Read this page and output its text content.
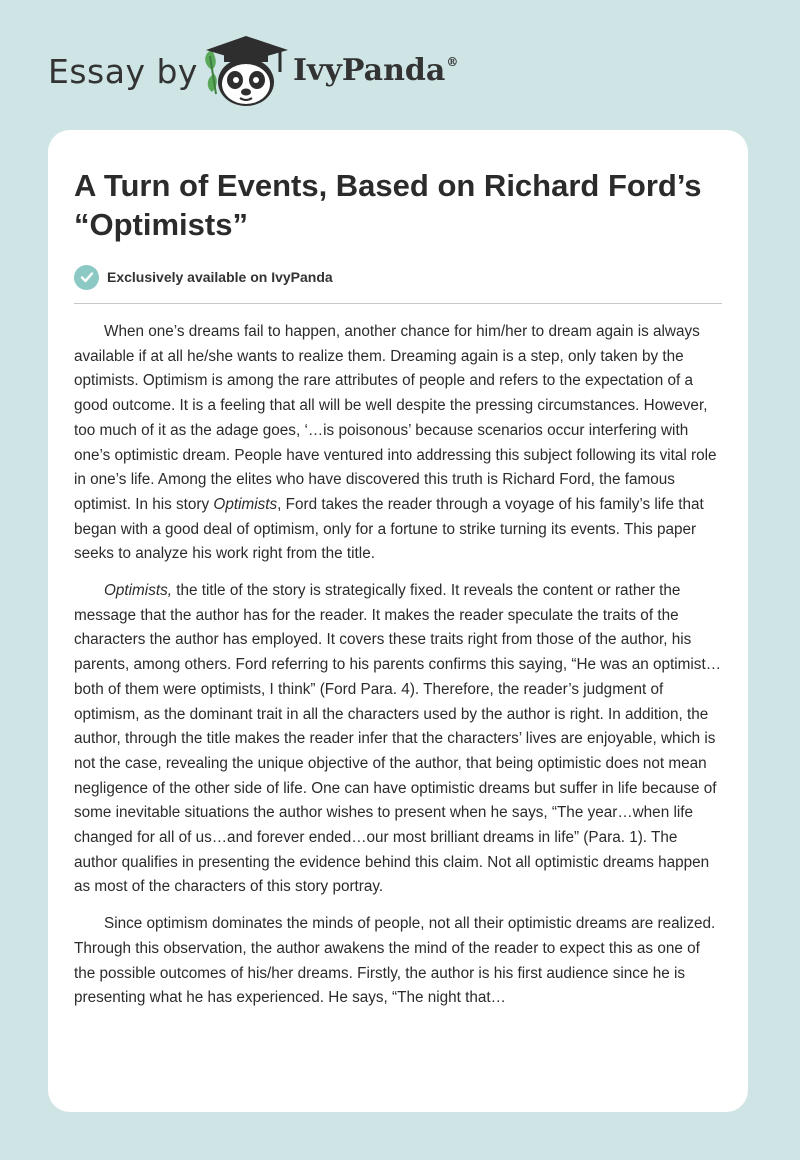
Essay by	IvyPanda®
A Turn of Events, Based on Richard Ford’s “Optimists”
Exclusively available on IvyPanda

When one’s dreams fail to happen, another chance for him/her to dream again is always available if at all he/she wants to realize them. Dreaming again is a step, only taken by the optimists. Optimism is among the rare attributes of people and refers to the expectation of a good outcome. It is a feeling that all will be well despite the pressing circumstances. However, too much of it as the adage goes, ‘…is poisonous’ because scenarios occur interfering with one’s optimistic dream. People have ventured into addressing this subject following its vital role in one’s life. Among the elites who have discovered this truth is Richard Ford, the famous optimist. In his story Optimists, Ford takes the reader through a voyage of his family’s life that began with a good deal of optimism, only for a fortune to strike turning its events. This paper seeks to analyze his work right from the title.

Optimists, the title of the story is strategically fixed. It reveals the content or rather the message that the author has for the reader. It makes the reader speculate the traits of the characters the author has employed. It covers these traits right from those of the author, his parents, among others. Ford referring to his parents confirms this saying, “He was an optimist…both of them were optimists, I think” (Ford Para. 4). Therefore, the reader’s judgment of optimism, as the dominant trait in all the characters used by the author is right. In addition, the author, through the title makes the reader infer that the characters’ lives are enjoyable, which is not the case, revealing the unique objective of the author, that being optimistic does not mean negligence of the other side of life. One can have optimistic dreams but suffer in life because of some inevitable situations the author wishes to present when he says, “The year…when life changed for all of us…and forever ended…our most brilliant dreams in life” (Para. 1). The author qualifies in presenting the evidence behind this claim. Not all optimistic dreams happen as most of the characters of this story portray.

Since optimism dominates the minds of people, not all their optimistic dreams are realized. Through this observation, the author awakens the mind of the reader to expect this as one of the possible outcomes of his/her dreams. Firstly, the author is his first audience since he is presenting what he has experienced. He says, “The night that…
